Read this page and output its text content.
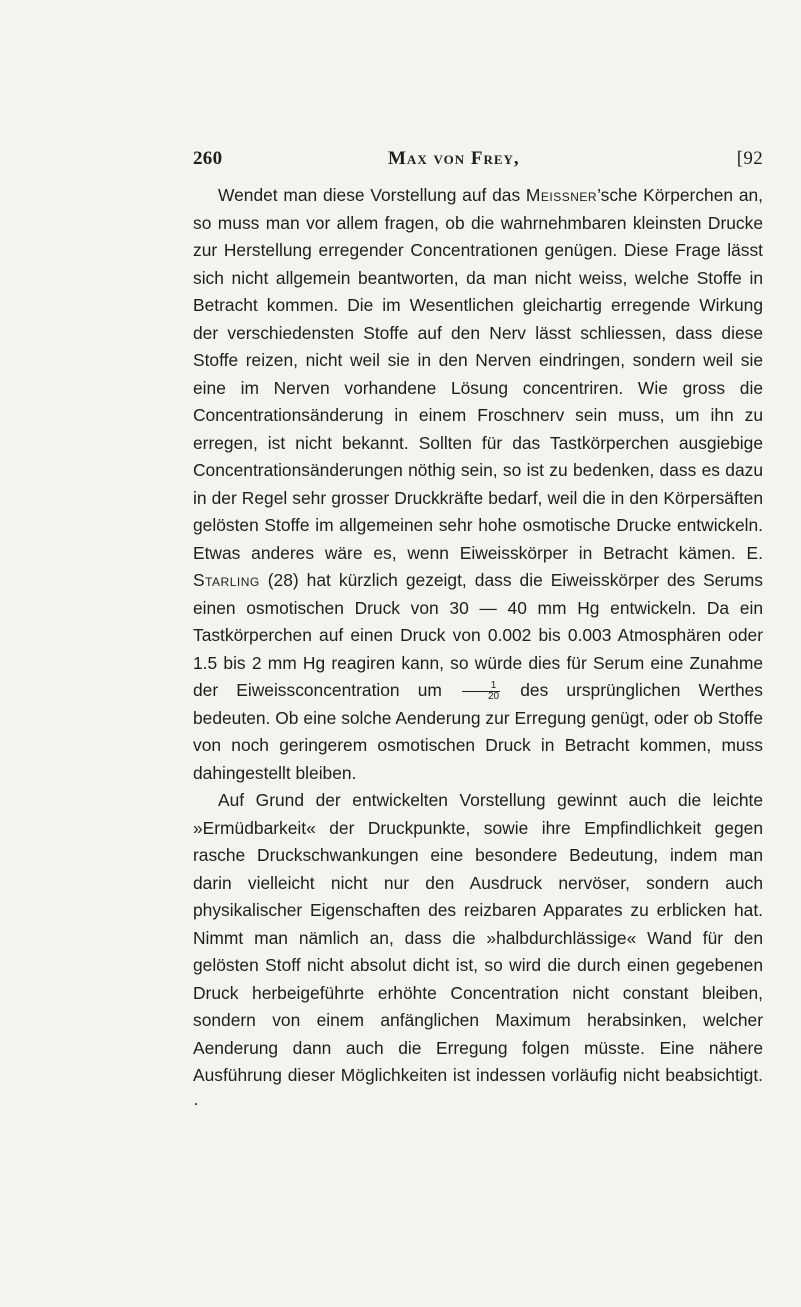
260	Max von Frey,	[92

Wendet man diese Vorstellung auf das Meissner’sche Körperchen an, so muss man vor allem fragen, ob die wahrnehmbaren kleinsten Drucke zur Herstellung erregender Concentrationen genügen. Diese Frage lässt sich nicht allgemein beantworten, da man nicht weiss, welche Stoffe in Betracht kommen. Die im Wesentlichen gleichartig erregende Wirkung der verschiedensten Stoffe auf den Nerv lässt schliessen, dass diese Stoffe reizen, nicht weil sie in den Nerven eindringen, sondern weil sie eine im Nerven vorhandene Lösung concentriren. Wie gross die Concentrationsänderung in einem Froschnerv sein muss, um ihn zu erregen, ist nicht bekannt. Sollten für das Tastkörperchen ausgiebige Concentrationsänderungen nöthig sein, so ist zu bedenken, dass es dazu in der Regel sehr grosser Druckkräfte bedarf, weil die in den Körpersäften gelösten Stoffe im allgemeinen sehr hohe osmotische Drucke entwickeln. Etwas anderes wäre es, wenn Eiweisskörper in Betracht kämen. E. Starling (28) hat kürzlich gezeigt, dass die Eiweisskörper des Serums einen osmotischen Druck von 30 — 40 mm Hg entwickeln. Da ein Tastkörperchen auf einen Druck von 0.002 bis 0.003 Atmosphären oder 1.5 bis 2 mm Hg reagiren kann, so würde dies für Serum eine Zunahme der Eiweissconcentration um $\frac{1}{20}$ des ursprünglichen Werthes bedeuten. Ob eine solche Aenderung zur Erregung genügt, oder ob Stoffe von noch geringerem osmotischen Druck in Betracht kommen, muss dahingestellt bleiben.

Auf Grund der entwickelten Vorstellung gewinnt auch die leichte »Ermüdbarkeit« der Druckpunkte, sowie ihre Empfindlichkeit gegen rasche Druckschwankungen eine besondere Bedeutung, indem man darin vielleicht nicht nur den Ausdruck nervöser, sondern auch physikalischer Eigenschaften des reizbaren Apparates zu erblicken hat. Nimmt man nämlich an, dass die »halbdurchlässige« Wand für den gelösten Stoff nicht absolut dicht ist, so wird die durch einen gegebenen Druck herbeigeführte erhöhte Concentration nicht constant bleiben, sondern von einem anfänglichen Maximum herabsinken, welcher Aenderung dann auch die Erregung folgen müsste. Eine nähere Ausführung dieser Möglichkeiten ist indessen vorläufig nicht beabsichtigt. ·
